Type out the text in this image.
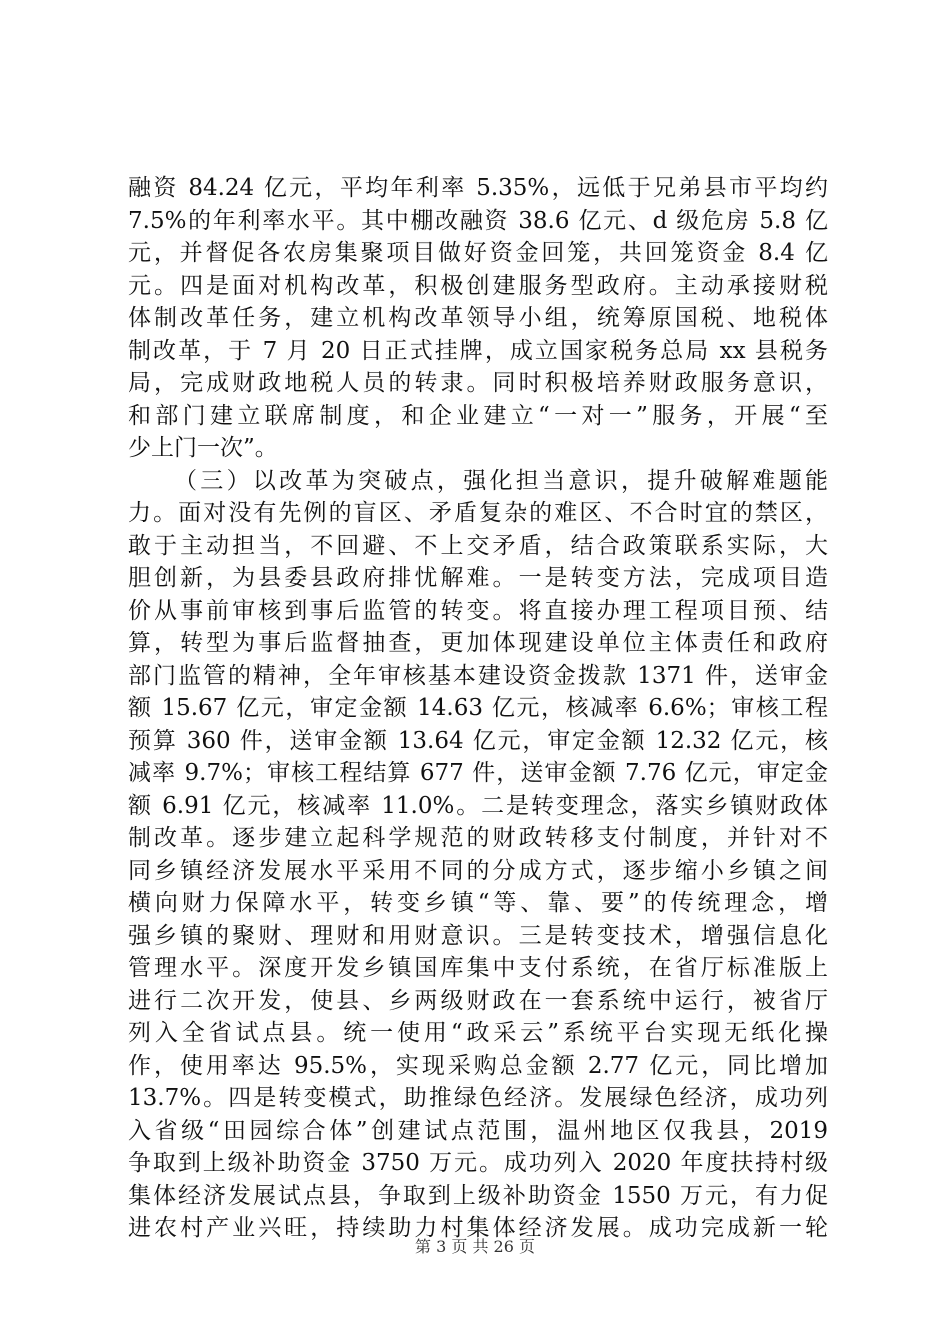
融资 84.24 亿元，平均年利率 5.35%，远低于兄弟县市平均约
7.5%的年利率水平。其中棚改融资 38.6 亿元、d 级危房 5.8 亿
元，并督促各农房集聚项目做好资金回笼，共回笼资金 8.4 亿
元。四是面对机构改革，积极创建服务型政府。主动承接财税
体制改革任务，建立机构改革领导小组，统筹原国税、地税体
制改革，于 7 月 20 日正式挂牌，成立国家税务总局 xx 县税务
局，完成财政地税人员的转隶。同时积极培养财政服务意识，
和部门建立联席制度，和企业建立“一对一”服务，开展“至
少上门一次”。
（三）以改革为突破点，强化担当意识，提升破解难题能
力。面对没有先例的盲区、矛盾复杂的难区、不合时宜的禁区，
敢于主动担当，不回避、不上交矛盾，结合政策联系实际，大
胆创新，为县委县政府排忧解难。一是转变方法，完成项目造
价从事前审核到事后监管的转变。将直接办理工程项目预、结
算，转型为事后监督抽查，更加体现建设单位主体责任和政府
部门监管的精神，全年审核基本建设资金拨款 1371 件，送审金
额 15.67 亿元，审定金额 14.63 亿元，核减率 6.6%；审核工程
预算 360 件，送审金额 13.64 亿元，审定金额 12.32 亿元，核
减率 9.7%；审核工程结算 677 件，送审金额 7.76 亿元，审定金
额 6.91 亿元，核减率 11.0%。二是转变理念，落实乡镇财政体
制改革。逐步建立起科学规范的财政转移支付制度，并针对不
同乡镇经济发展水平采用不同的分成方式，逐步缩小乡镇之间
横向财力保障水平，转变乡镇“等、靠、要”的传统理念，增
强乡镇的聚财、理财和用财意识。三是转变技术，增强信息化
管理水平。深度开发乡镇国库集中支付系统，在省厅标准版上
进行二次开发，使县、乡两级财政在一套系统中运行，被省厅
列入全省试点县。统一使用“政采云”系统平台实现无纸化操
作，使用率达 95.5%，实现采购总金额 2.77 亿元，同比增加
13.7%。四是转变模式，助推绿色经济。发展绿色经济，成功列
入省级“田园综合体”创建试点范围，温州地区仅我县，2019
争取到上级补助资金 3750 万元。成功列入 2020 年度扶持村级
集体经济发展试点县，争取到上级补助资金 1550 万元，有力促
进农村产业兴旺，持续助力村集体经济发展。成功完成新一轮
第 3 页 共 26 页
